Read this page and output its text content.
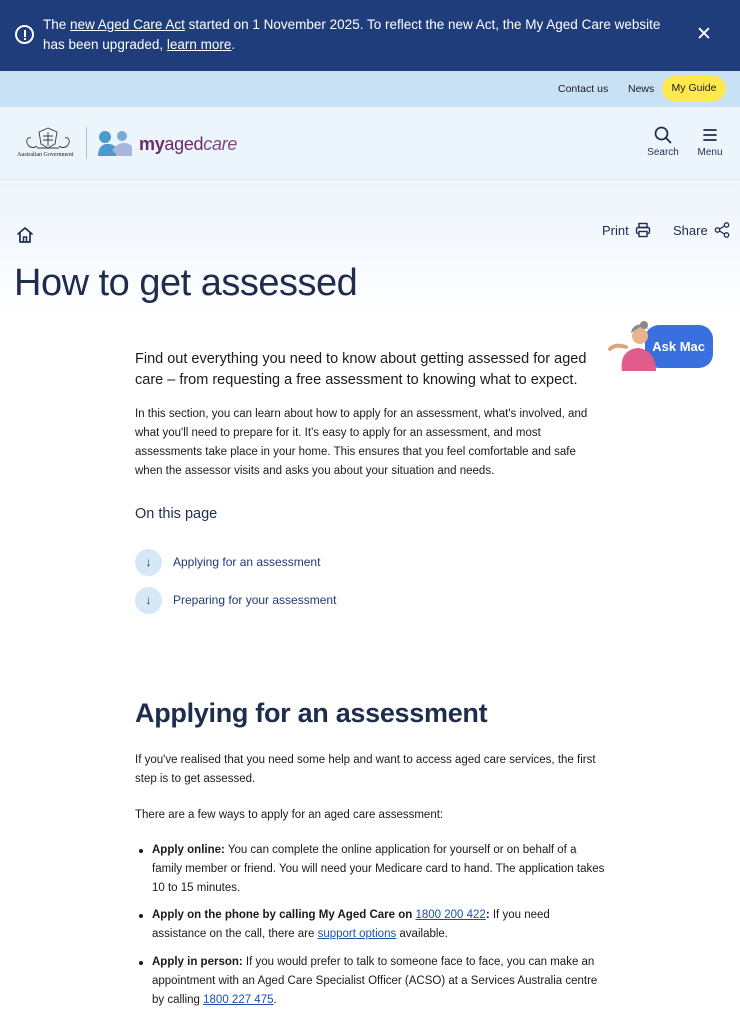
The new Aged Care Act started on 1 November 2025. To reflect the new Act, the My Aged Care website has been upgraded, learn more.	✕
Contact us News	My Guide
Australian Government
myagedcare	Search	Menu
Print	Share
How to get assessed
Ask Mac

Find out everything you need to know about getting assessed for aged care – from requesting a free assessment to knowing what to expect.

In this section, you can learn about how to apply for an assessment, what's involved, and what you'll need to prepare for it. It's easy to apply for an assessment, and most assessments take place in your home. This ensures that you feel comfortable and safe when the assessor visits and asks you about your situation and needs.

On this page
↓	Applying for an assessment
↓	Preparing for your assessment
Applying for an assessment

If you've realised that you need some help and want to access aged care services, the first step is to get assessed.

There are a few ways to apply for an aged care assessment:

Apply online: You can complete the online application for yourself or on behalf of a family member or friend. You will need your Medicare card to hand. The application takes 10 to 15 minutes.
Apply on the phone by calling My Aged Care on 1800 200 422: If you need assistance on the call, there are support options available.
Apply in person: If you would prefer to talk to someone face to face, you can make an appointment with an Aged Care Specialist Officer (ACSO) at a Services Australia centre by calling 1800 227 475.
